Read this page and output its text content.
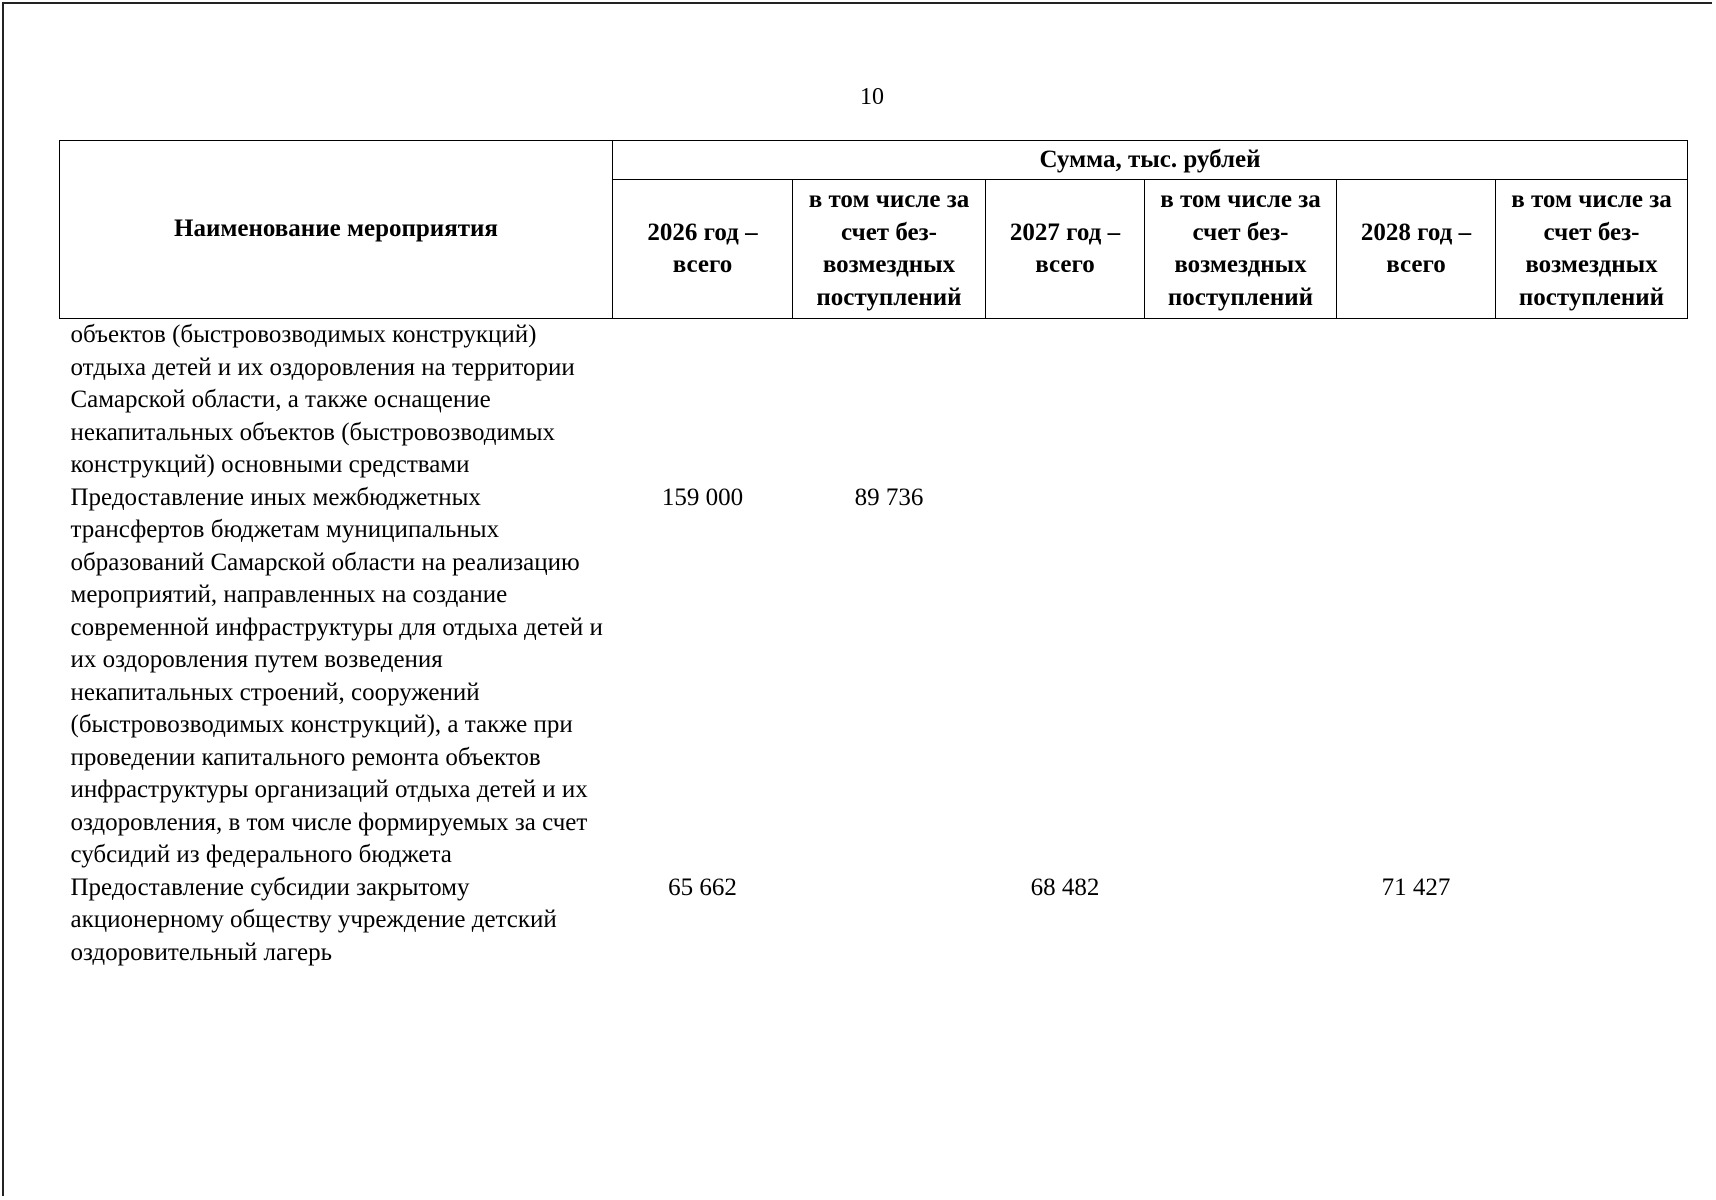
10
Наименование мероприятия	Сумма, тыс. рублей					
	2026 год – всего	в том числе за счет без-возмездных поступлений	2027 год – всего	в том числе за счет без-возмездных поступлений	2028 год – всего	в том числе за счет без-возмездных поступлений
объектов (быстровозводимых конструкций) отдыха детей и их оздоровления на территории Самарской области, а также оснащение некапитальных объектов (быстровозводимых конструкций) основными средствами						
Предоставление иных межбюджетных трансфертов бюджетам муниципальных образований Самарской области на реализацию мероприятий, направленных на создание современной инфраструктуры для отдыха детей и их оздоровления путем возведения некапитальных строений, сооружений (быстровозводимых конструкций), а также при проведении капитального ремонта объектов инфраструктуры организаций отдыха детей и их оздоровления, в том числе формируемых за счет субсидий из федерального бюджета	159 000	89 736				
Предоставление субсидии закрытому акционерному обществу учреждение детский оздоровительный лагерь	65 662		68 482		71 427	
